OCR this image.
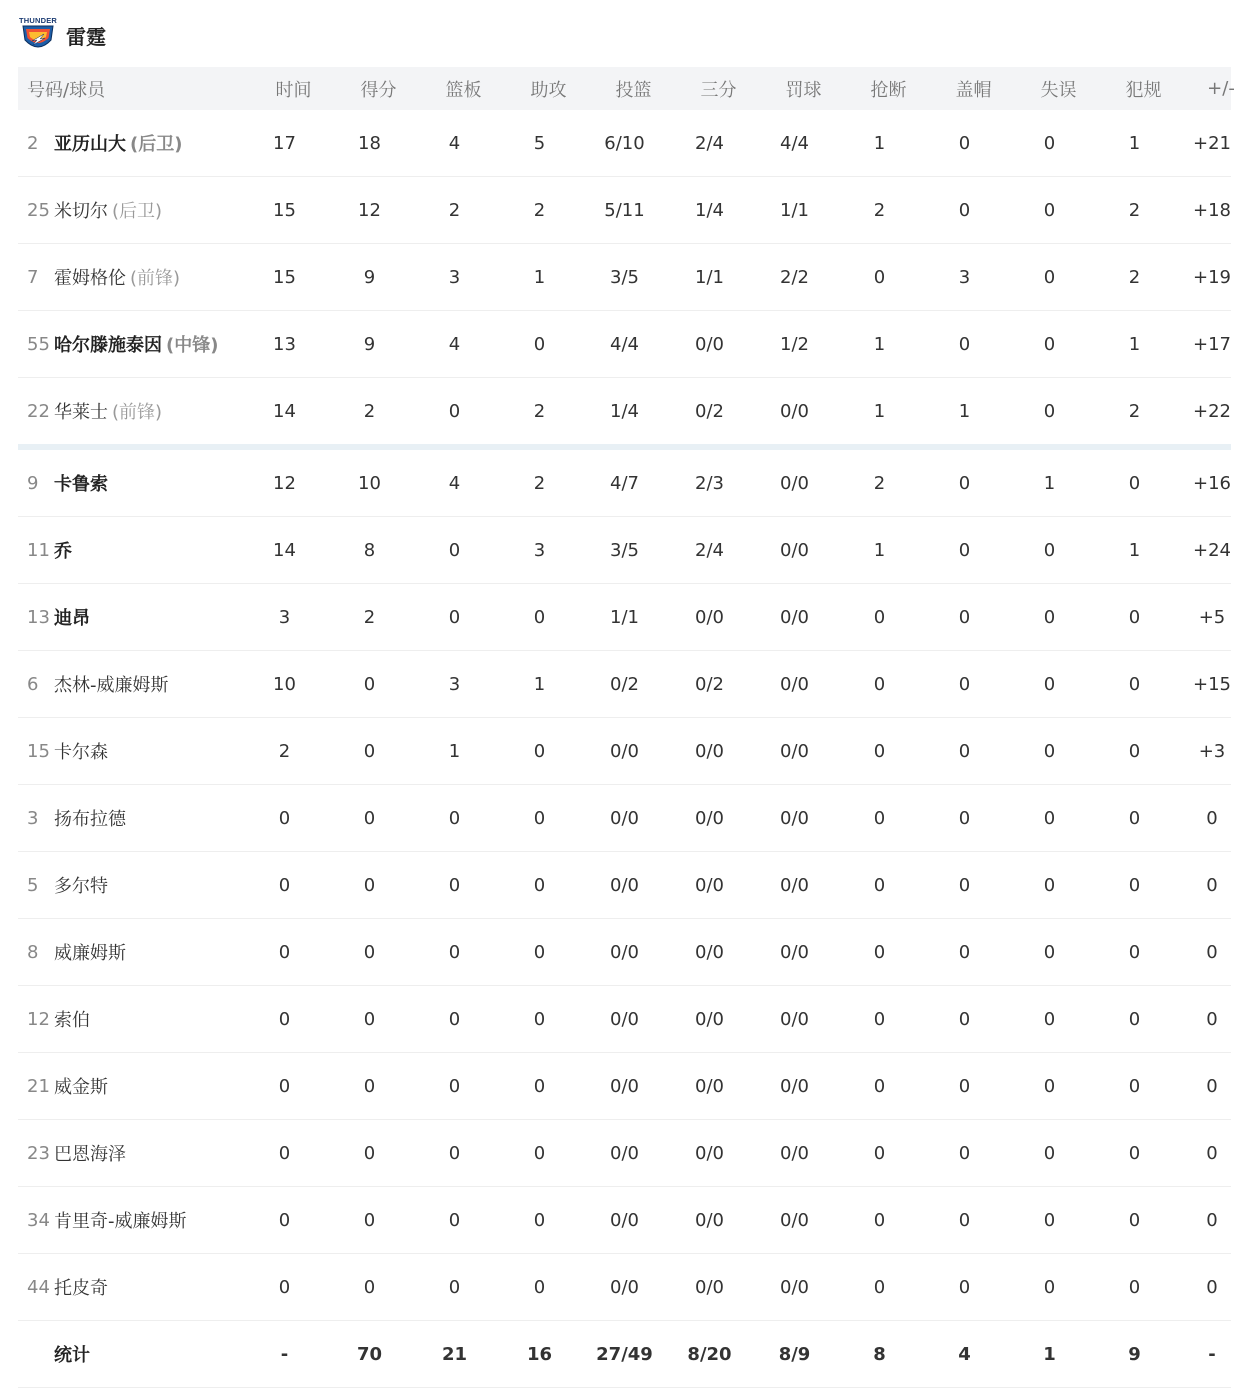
THUNDER
雷霆
号码/球员	时间	得分	篮板	助攻	投篮	三分	罚球	抢断	盖帽	失误	犯规	+/-
2 亚历山大 (后卫)	17	18	4	5	6/10	2/4	4/4	1	0	0	1	+21
25 米切尔 (后卫)	15	12	2	2	5/11	1/4	1/1	2	0	0	2	+18
7 霍姆格伦 (前锋)	15	9	3	1	3/5	1/1	2/2	0	3	0	2	+19
55 哈尔滕施泰因 (中锋)	13	9	4	0	4/4	0/0	1/2	1	0	0	1	+17
22 华莱士 (前锋)	14	2	0	2	1/4	0/2	0/0	1	1	0	2	+22
9 卡鲁索	12	10	4	2	4/7	2/3	0/0	2	0	1	0	+16
11 乔	14	8	0	3	3/5	2/4	0/0	1	0	0	1	+24
13 迪昂	3	2	0	0	1/1	0/0	0/0	0	0	0	0	+5
6 杰林-威廉姆斯	10	0	3	1	0/2	0/2	0/0	0	0	0	0	+15
15 卡尔森	2	0	1	0	0/0	0/0	0/0	0	0	0	0	+3
3 扬布拉德	0	0	0	0	0/0	0/0	0/0	0	0	0	0	0
5 多尔特	0	0	0	0	0/0	0/0	0/0	0	0	0	0	0
8 威廉姆斯	0	0	0	0	0/0	0/0	0/0	0	0	0	0	0
12 索伯	0	0	0	0	0/0	0/0	0/0	0	0	0	0	0
21 威金斯	0	0	0	0	0/0	0/0	0/0	0	0	0	0	0
23 巴恩海泽	0	0	0	0	0/0	0/0	0/0	0	0	0	0	0
34 肯里奇-威廉姆斯	0	0	0	0	0/0	0/0	0/0	0	0	0	0	0
44 托皮奇	0	0	0	0	0/0	0/0	0/0	0	0	0	0	0
统计	-	70	21	16	27/49	8/20	8/9	8	4	1	9	-
